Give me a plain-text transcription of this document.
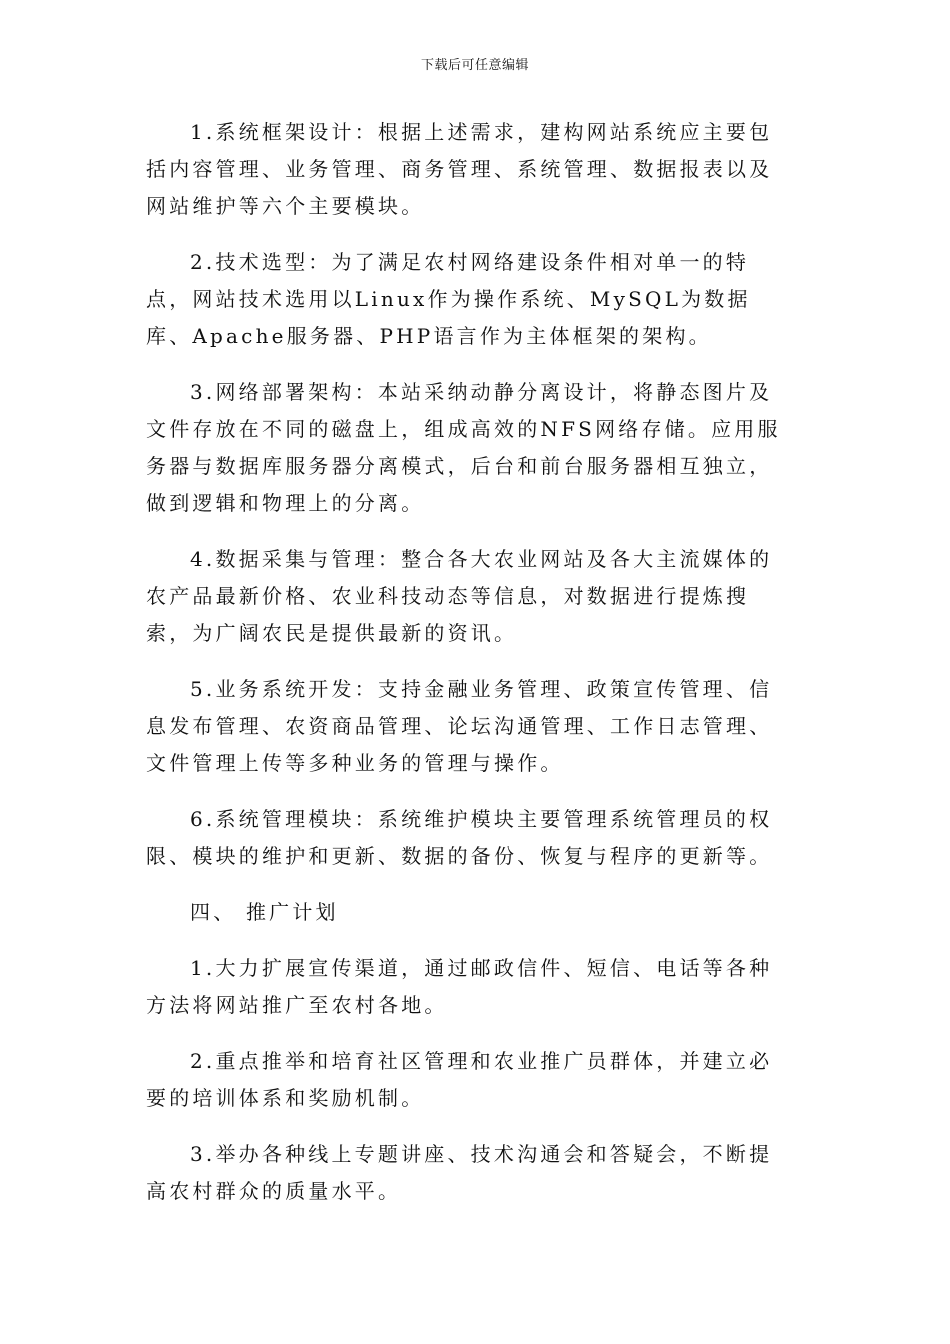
下载后可任意编辑

1.系统框架设计：根据上述需求，建构网站系统应主要包括内容管理、业务管理、商务管理、系统管理、数据报表以及网站维护等六个主要模块。

2.技术选型：为了满足农村网络建设条件相对单一的特点，网站技术选用以Linux作为操作系统、MySQL为数据库、Apache服务器、PHP语言作为主体框架的架构。

3.网络部署架构：本站采纳动静分离设计，将静态图片及文件存放在不同的磁盘上，组成高效的NFS网络存储。应用服务器与数据库服务器分离模式，后台和前台服务器相互独立，做到逻辑和物理上的分离。

4.数据采集与管理：整合各大农业网站及各大主流媒体的农产品最新价格、农业科技动态等信息，对数据进行提炼搜索，为广阔农民是提供最新的资讯。

5.业务系统开发：支持金融业务管理、政策宣传管理、信息发布管理、农资商品管理、论坛沟通管理、工作日志管理、文件管理上传等多种业务的管理与操作。

6.系统管理模块：系统维护模块主要管理系统管理员的权限、模块的维护和更新、数据的备份、恢复与程序的更新等。

四、 推广计划

1.大力扩展宣传渠道，通过邮政信件、短信、电话等各种方法将网站推广至农村各地。

2.重点推举和培育社区管理和农业推广员群体，并建立必要的培训体系和奖励机制。

3.举办各种线上专题讲座、技术沟通会和答疑会，不断提高农村群众的质量水平。
